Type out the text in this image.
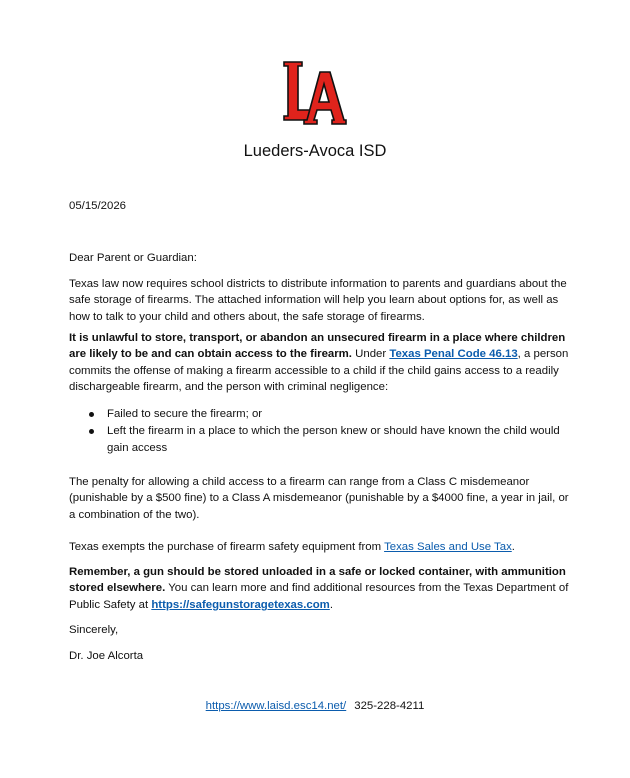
Lueders-Avoca ISD

05/15/2026

Dear Parent or Guardian:

Texas law now requires school districts to distribute information to parents and guardians about the safe storage of firearms. The attached information will help you learn about options for, as well as how to talk to your child and others about, the safe storage of firearms.

It is unlawful to store, transport, or abandon an unsecured firearm in a place where children are likely to be and can obtain access to the firearm. Under Texas Penal Code 46.13, a person commits the offense of making a firearm accessible to a child if the child gains access to a readily dischargeable firearm, and the person with criminal negligence:

Failed to secure the firearm; or
Left the firearm in a place to which the person knew or should have known the child would gain access

The penalty for allowing a child access to a firearm can range from a Class C misdemeanor (punishable by a $500 fine) to a Class A misdemeanor (punishable by a $4000 fine, a year in jail, or a combination of the two).

Texas exempts the purchase of firearm safety equipment from Texas Sales and Use Tax.

Remember, a gun should be stored unloaded in a safe or locked container, with ammunition stored elsewhere. You can learn more and find additional resources from the Texas Department of Public Safety at https://safegunstoragetexas.com.

Sincerely,

Dr. Joe Alcorta

https://www.laisd.esc14.net/ 325-228-4211
